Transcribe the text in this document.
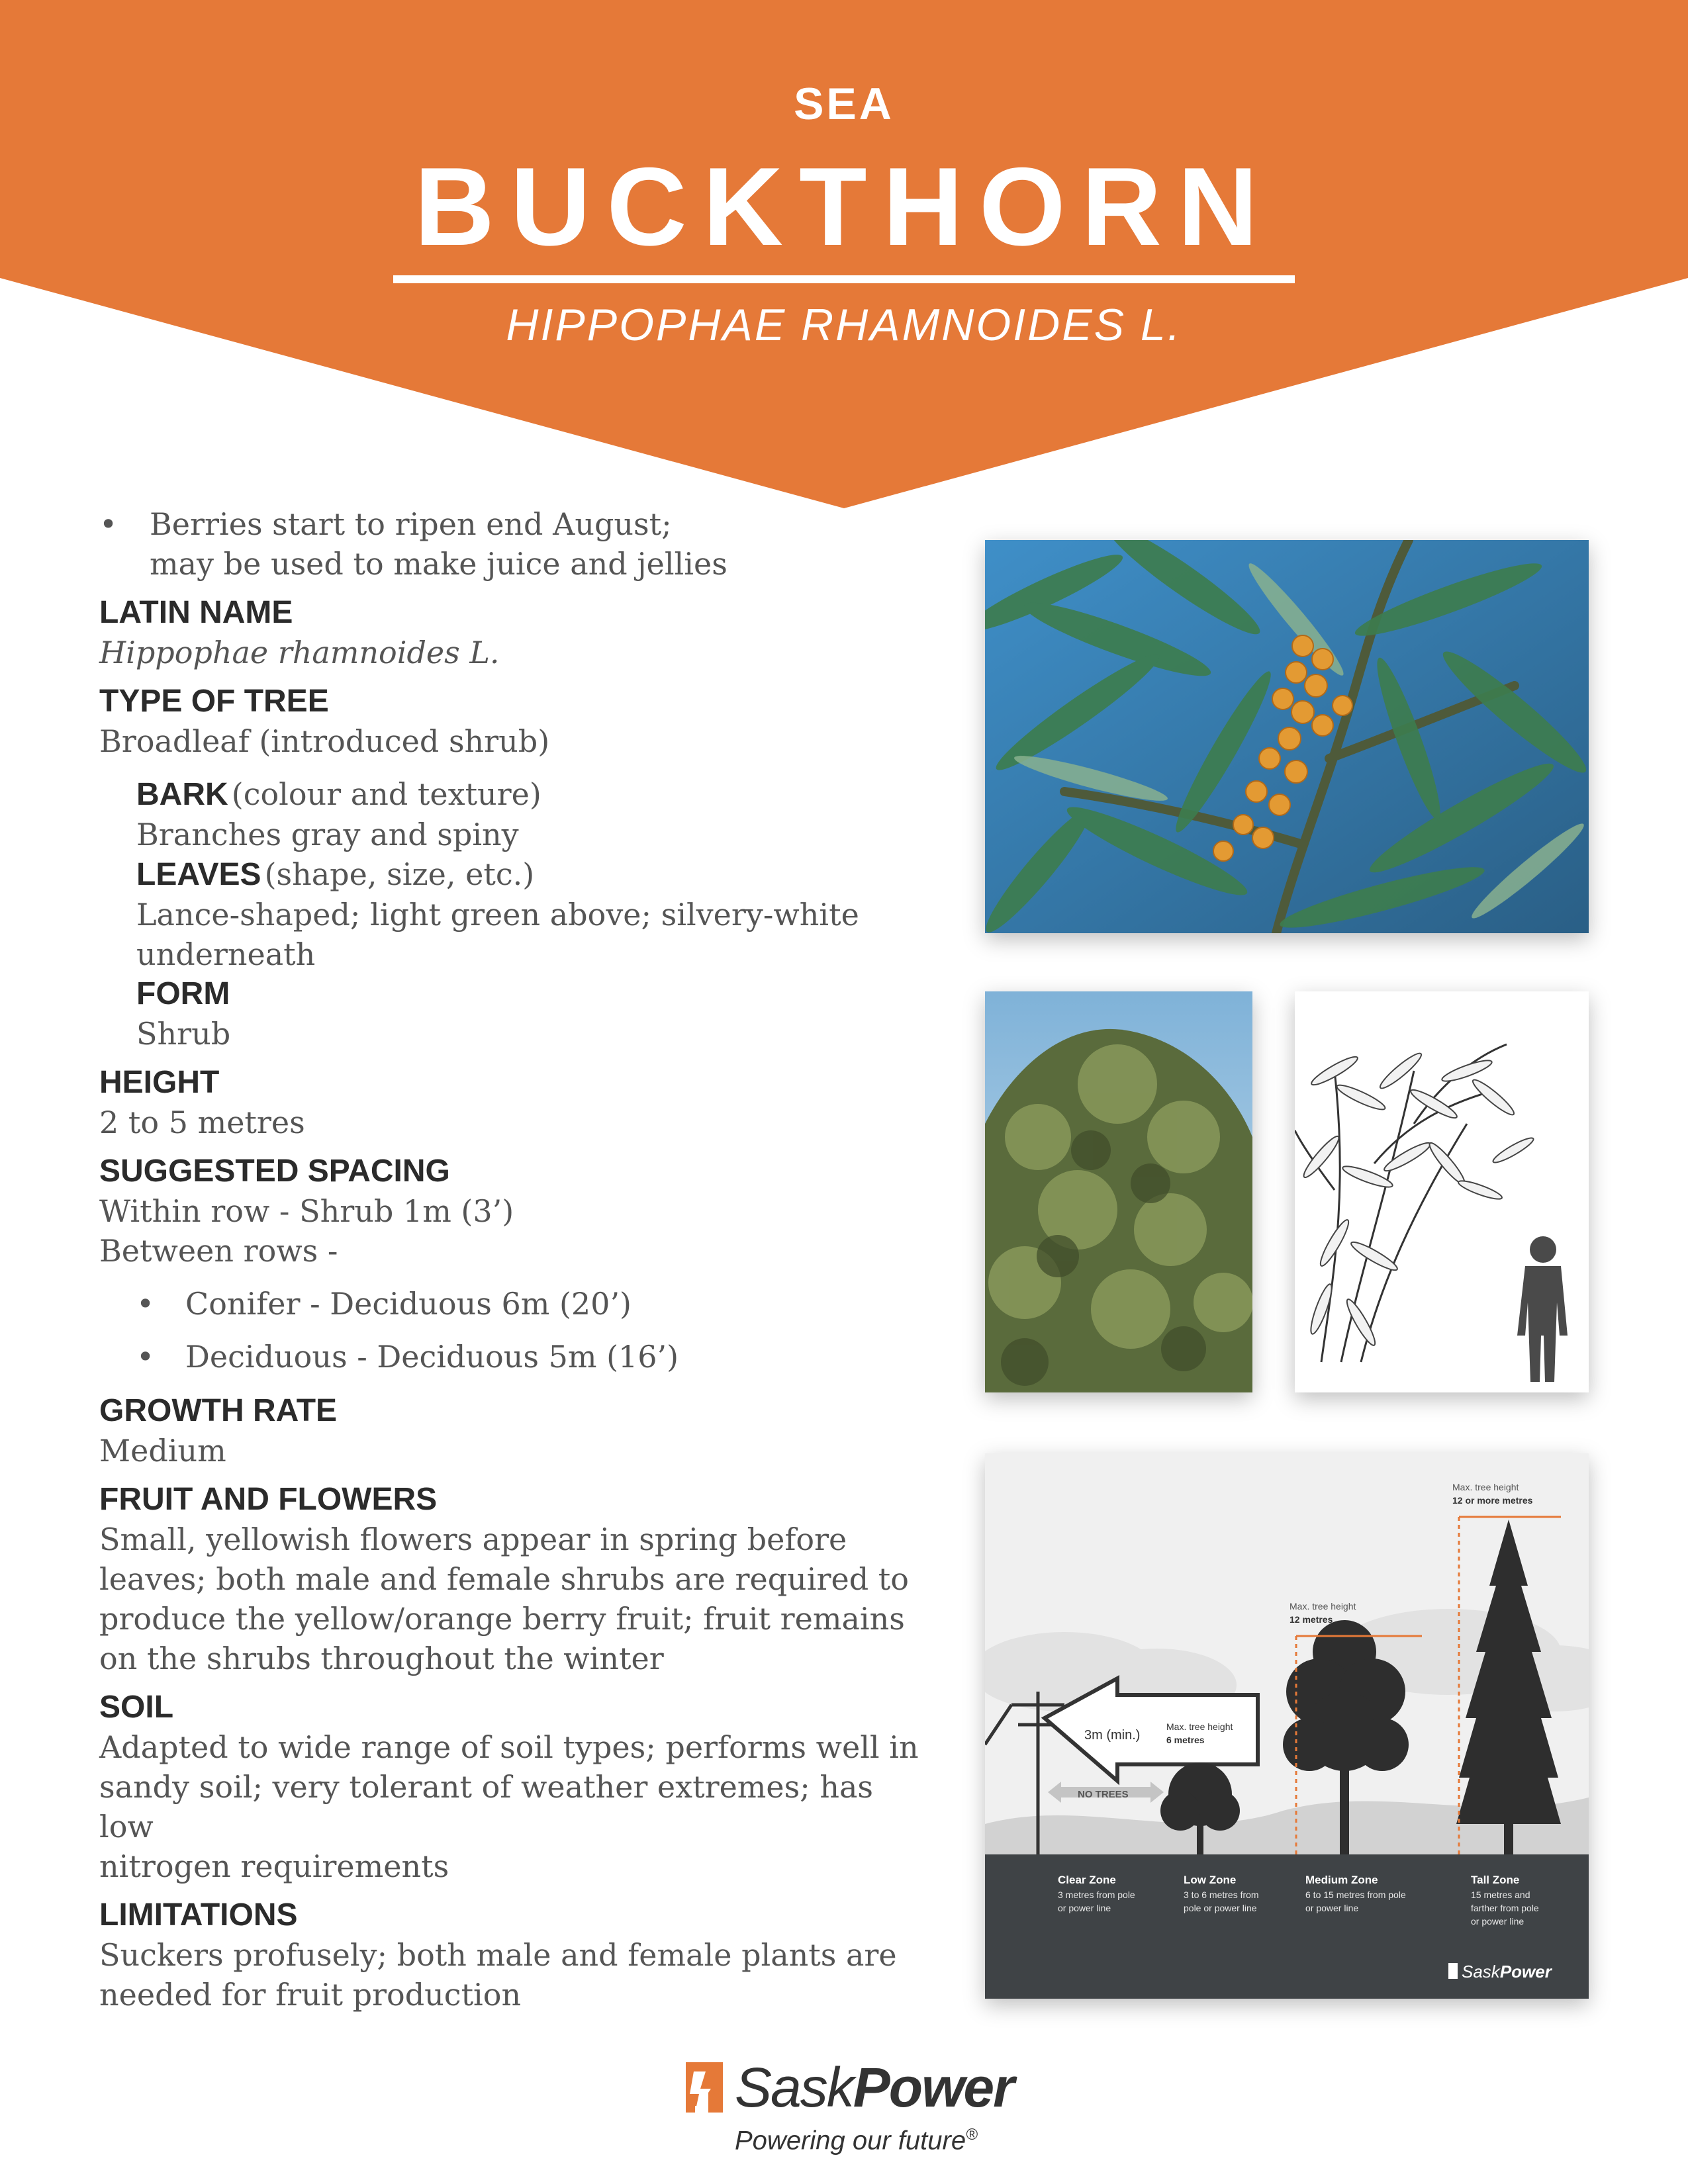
SEA
BUCKTHORN
HIPPOPHAE RHAMNOIDES L.
• Berries start to ripen end August;
may be used to make juice and jellies
LATIN NAME
Hippophae rhamnoides L.
TYPE OF TREE
Broadleaf (introduced shrub)
BARK (colour and texture)
Branches gray and spiny
LEAVES (shape, size, etc.)
Lance-shaped; light green above; silvery-white
underneath
FORM
Shrub
HEIGHT
2 to 5 metres
SUGGESTED SPACING
Within row - Shrub 1m (3’)
Between rows -
• Conifer - Deciduous 6m (20’)
• Deciduous - Deciduous 5m (16’)
GROWTH RATE
Medium
FRUIT AND FLOWERS
Small, yellowish flowers appear in spring before
leaves; both male and female shrubs are required to
produce the yellow/orange berry fruit; fruit remains
on the shrubs throughout the winter
SOIL
Adapted to wide range of soil types; performs well in
sandy soil; very tolerant of weather extremes; has low
nitrogen requirements
LIMITATIONS
Suckers profusely; both male and female plants are
needed for fruit production
3m (min.)
Max. tree height
6 metres
NO TREES
Max. tree height
12 metres
Max. tree height
12 or more metres
Clear Zone
3 metres from pole
or power line
Low Zone
3 to 6 metres from
pole or power line
Medium Zone
6 to 15 metres from pole
or power line
Tall Zone
15 metres and
farther from pole
or power line
SaskPower
SaskPower
Powering our future®
